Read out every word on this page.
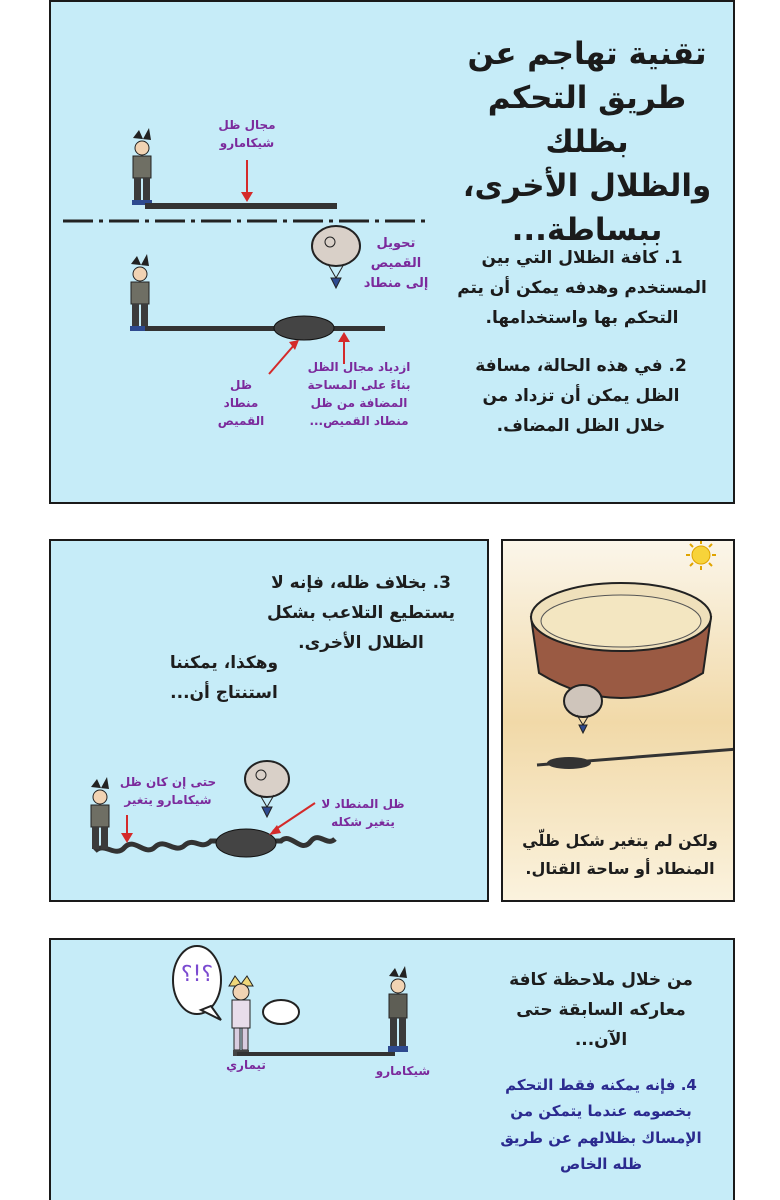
تقنية تهاجم عن
طريق التحكم بظلك
والظلال الأخرى،
ببساطة...
1. كافة الظلال التي بين
المستخدم وهدفه يمكن أن يتم
التحكم بها واستخدامها.
2. في هذه الحالة، مسافة
الظل يمكن أن تزداد من
خلال الظل المضاف.
مجال ظل
شيكامارو
تحويل
القميص
إلى منطاد
ظل
منطاد
القميص
ازدياد مجال الظل
بناءً على المساحة
المضافة من ظل
منطاد القميص...
3. بخلاف ظله، فإنه لا
يستطيع التلاعب بشكل
الظلال الأخرى.
وهكذا، يمكننا
استنتاج أن...
حتى إن كان ظل
شيكامارو يتغير	ظل المنطاد لا
يتغير شكله
ولكن لم يتغير شكل ظلّي
المنطاد أو ساحة القتال.
؟!؟	من خلال ملاحظة كافة
معاركه السابقة حتى
الآن...
4. فإنه يمكنه فقط التحكم
بخصومه عندما يتمكن من
الإمساك بظلالهم عن طريق
ظله الخاص
تيماري	شيكامارو
